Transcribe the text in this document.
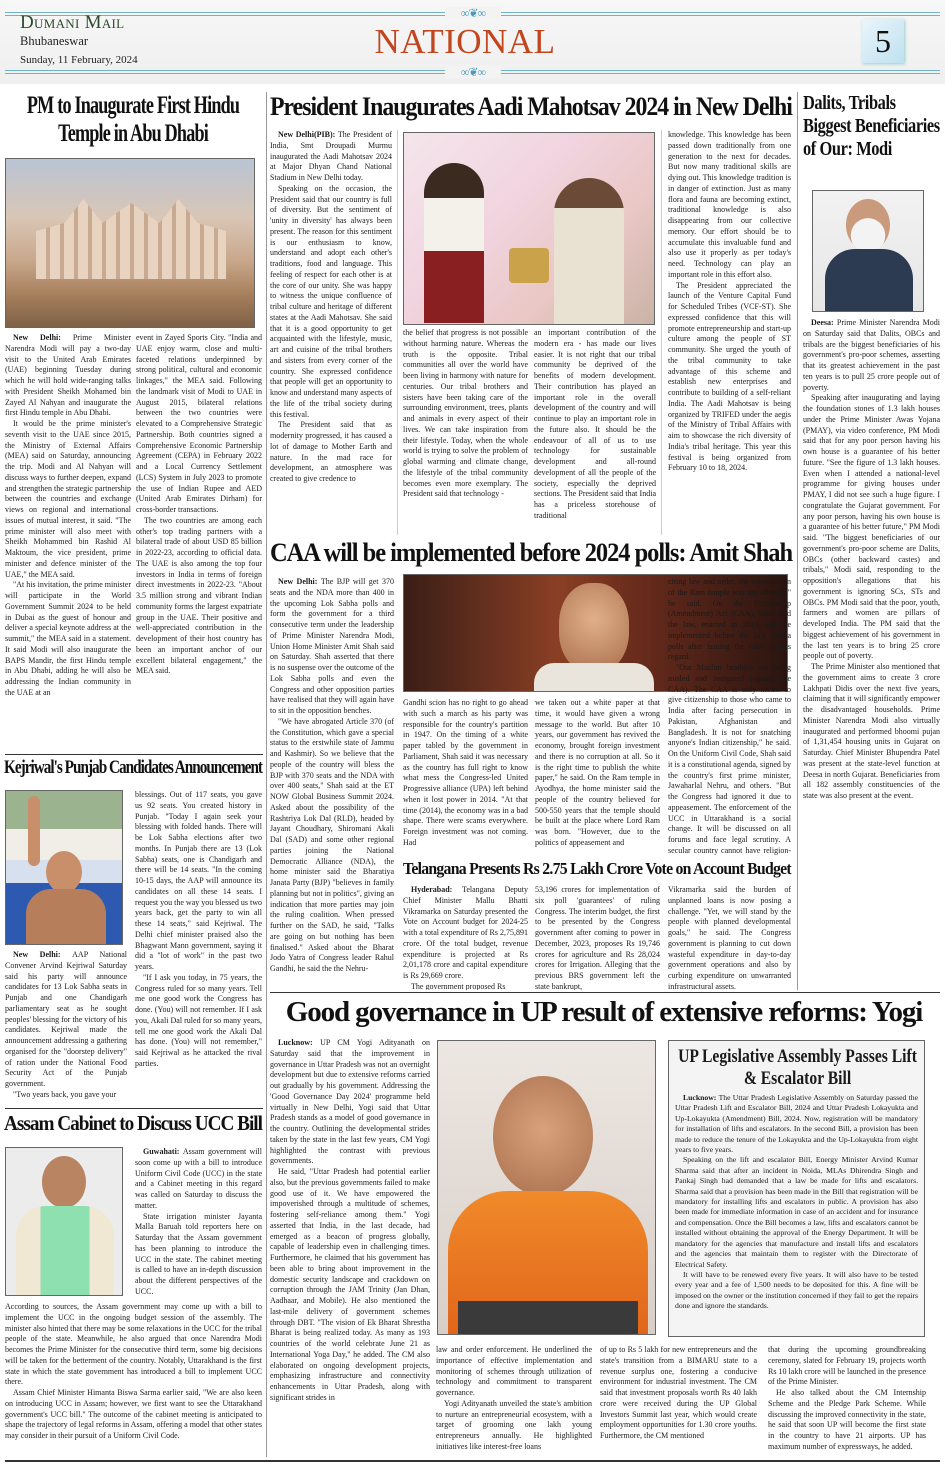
∞❦∞
∞❦∞
Dumani Mail
Bhubaneswar
Sunday, 11 February, 2024	NATIONAL	5
PM to Inaugurate First Hindu Temple in Abu Dhabi

New Delhi: Prime Minister Narendra Modi will pay a two-day visit to the United Arab Emirates (UAE) beginning Tuesday during which he will hold wide-ranging talks with President Sheikh Mohamed bin Zayed Al Nahyan and inaugurate the first Hindu temple in Abu Dhabi.

It would be the prime minister's seventh visit to the UAE since 2015, the Ministry of External Affairs (MEA) said on Saturday, announcing the trip. Modi and Al Nahyan will discuss ways to further deepen, expand and strengthen the strategic partnership between the countries and exchange views on regional and international issues of mutual interest, it said. "The prime minister will also meet with Sheikh Mohammed bin Rashid Al Maktoum, the vice president, prime minister and defence minister of the UAE," the MEA said.

"At his invitation, the prime minister will participate in the World Government Summit 2024 to be held in Dubai as the guest of honour and deliver a special keynote address at the summit," the MEA said in a statement. It said Modi will also inaugurate the BAPS Mandir, the first Hindu temple in Abu Dhabi, adding he will also be addressing the Indian community in the UAE at an

event in Zayed Sports City. "India and UAE enjoy warm, close and multi-faceted relations underpinned by strong political, cultural and economic linkages," the MEA said. Following the landmark visit of Modi to UAE in August 2015, bilateral relations between the two countries were elevated to a Comprehensive Strategic Partnership. Both countries signed a Comprehensive Economic Partnership Agreement (CEPA) in February 2022 and a Local Currency Settlement (LCS) System in July 2023 to promote the use of Indian Rupee and AED (United Arab Emirates Dirham) for cross-border transactions.

The two countries are among each other's top trading partners with a bilateral trade of about USD 85 billion in 2022-23, according to official data. The UAE is also among the top four investors in India in terms of foreign direct investments in 2022-23. "About 3.5 million strong and vibrant Indian community forms the largest expatriate group in the UAE. Their positive and well-appreciated contribution in the development of their host country has been an important anchor of our excellent bilateral engagement," the MEA said.

President Inaugurates Aadi Mahotsav 2024 in New Delhi

New Delhi(PIB): The President of India, Smt Droupadi Murmu inaugurated the Aadi Mahotsav 2024 at Major Dhyan Chand National Stadium in New Delhi today.

Speaking on the occasion, the President said that our country is full of diversity. But the sentiment of 'unity in diversity' has always been present. The reason for this sentiment is our enthusiasm to know, understand and adopt each other's traditions, food and language. This feeling of respect for each other is at the core of our unity. She was happy to witness the unique confluence of tribal culture and heritage of different states at the Aadi Mahotsav. She said that it is a good opportunity to get acquainted with the lifestyle, music, art and cuisine of the tribal brothers and sisters from every corner of the country. She expressed confidence that people will get an opportunity to know and understand many aspects of the life of the tribal society during this festival.

The President said that as modernity progressed, it has caused a lot of damage to Mother Earth and nature. In the mad race for development, an atmosphere was created to give credence to

the belief that progress is not possible without harming nature. Whereas the truth is the opposite. Tribal communities all over the world have been living in harmony with nature for centuries. Our tribal brothers and sisters have been taking care of the surrounding environment, trees, plants and animals in every aspect of their lives. We can take inspiration from their lifestyle. Today, when the whole world is trying to solve the problem of global warming and climate change, the lifestyle of the tribal community becomes even more exemplary. The President said that technology -

an important contribution of the modern era - has made our lives easier. It is not right that our tribal community be deprived of the benefits of modern development. Their contribution has played an important role in the overall development of the country and will continue to play an important role in the future also. It should be the endeavour of all of us to use technology for sustainable development and all-round development of all the people of the society, especially the deprived sections. The President said that India has a priceless storehouse of traditional

knowledge. This knowledge has been passed down traditionally from one generation to the next for decades. But now many traditional skills are dying out. This knowledge tradition is in danger of extinction. Just as many flora and fauna are becoming extinct, traditional knowledge is also disappearing from our collective memory. Our effort should be to accumulate this invaluable fund and also use it properly as per today's need. Technology can play an important role in this effort also.

The President appreciated the launch of the Venture Capital Fund for Scheduled Tribes (VCF-ST). She expressed confidence that this will promote entrepreneurship and start-up culture among the people of ST community. She urged the youth of the tribal community to take advantage of this scheme and establish new enterprises and contribute to building of a self-reliant India. The Aadi Mahotsav is being organized by TRIFED under the aegis of the Ministry of Tribal Affairs with aim to showcase the rich diversity of India's tribal heritage. This year this festival is being organized from February 10 to 18, 2024.

Dalits, Tribals Biggest Beneficiaries of Our: Modi

Deesa: Prime Minister Narendra Modi on Saturday said that Dalits, OBCs and tribals are the biggest beneficiaries of his government's pro-poor schemes, asserting that its greatest achievement in the past ten years is to pull 25 crore people out of poverty.

Speaking after inaugurating and laying the foundation stones of 1.3 lakh houses under the Prime Minister Awas Yojana (PMAY), via video conference, PM Modi said that for any poor person having his own house is a guarantee of his better future. "See the figure of 1.3 lakh houses. Even when I attended a national-level programme for giving houses under PMAY, I did not see such a huge figure. I congratulate the Gujarat government. For any poor person, having his own house is a guarantee of his better future," PM Modi said. "The biggest beneficiaries of our government's pro-poor scheme are Dalits, OBCs (other backward castes) and tribals," Modi said, responding to the opposition's allegations that his government is ignoring SCs, STs and OBCs. PM Modi said that the poor, youth, farmers and women are pillars of developed India. The PM said that the biggest achievement of his government in the last ten years is to bring 25 crore people out of poverty.

The Prime Minister also mentioned that the government aims to create 3 crore Lakhpati Didis over the next five years, claiming that it will significantly empower the disadvantaged households. Prime Minister Narendra Modi also virtually inaugurated and performed bhoomi pujan of 1,31,454 housing units in Gujarat on Saturday. Chief Minister Bhupendra Patel was present at the state-level function at Deesa in north Gujarat. Beneficiaries from all 182 assembly constituencies of the state was also present at the event.

CAA will be implemented before 2024 polls: Amit Shah

New Delhi: The BJP will get 370 seats and the NDA more than 400 in the upcoming Lok Sabha polls and form the government for a third consecutive term under the leadership of Prime Minister Narendra Modi, Union Home Minister Amit Shah said on Saturday. Shah asserted that there is no suspense over the outcome of the Lok Sabha polls and even the Congress and other opposition parties have realised that they will again have to sit in the opposition benches.

"We have abrogated Article 370 (of the Constitution, which gave a special status to the erstwhile state of Jammu and Kashmir). So we believe that the people of the country will bless the BJP with 370 seats and the NDA with over 400 seats," Shah said at the ET NOW Global Business Summit 2024. Asked about the possibility of the Rashtriya Lok Dal (RLD), headed by Jayant Choudhary, Shiromani Akali Dal (SAD) and some other regional parties joining the National Democratic Alliance (NDA), the home minister said the Bharatiya Janata Party (BJP) "believes in family planning but not in politics", giving an indication that more parties may join the ruling coalition. When pressed further on the SAD, he said, "Talks are going on but nothing has been finalised." Asked about the Bharat Jodo Yatra of Congress leader Rahul Gandhi, he said the the Nehru-

Gandhi scion has no right to go ahead with such a march as his party was responsible for the country's partition in 1947. On the timing of a white paper tabled by the government in Parliament, Shah said it was necessary as the country has full right to know what mess the Congress-led United Progressive alliance (UPA) left behind when it lost power in 2014. "At that time (2014), the economy was in a bad shape. There were scams everywhere. Foreign investment was not coming. Had

we taken out a white paper at that time, it would have given a wrong message to the world. But after 10 years, our government has revived the economy, brought foreign investment and there is no corruption at all. So it is the right time to publish the white paper," he said. On the Ram temple in Ayodhya, the home minister said the people of the country believed for 500-550 years that the temple should be built at the place where Lord Ram was born. "However, due to the politics of appeasement and

citing law and order, the construction of the Ram temple was not allowed," he said. On the Citizenship (Amendment) Act (CAA), Shah said the law, enacted in 2019, will be implemented before the Lok Sabha polls after issuing the rules in this regard.

"Our Muslim brothers are being misled and instigated (against the CAA). The CAA is only meant to give citizenship to those who came to India after facing persecution in Pakistan, Afghanistan and Bangladesh. It is not for snatching anyone's Indian citizenship," he said. On the Uniform Civil Code, Shah said it is a constitutional agenda, signed by the country's first prime minister, Jawaharlal Nehru, and others. "But the Congress had ignored it due to appeasement. The enforcement of the UCC in Uttarakhand is a social change. It will be discussed on all forums and face legal scrutiny. A secular country cannot have religion-

Telangana Presents Rs 2.75 Lakh Crore Vote on Account Budget

Hyderabad: Telangana Deputy Chief Minister Mallu Bhatti Vikramarka on Saturday presented the Vote on Account budget for 2024-25 with a total expenditure of Rs 2,75,891 crore. Of the total budget, revenue expenditure is projected at Rs 2,01,178 crore and capital expenditure is Rs 29,669 crore.

The government proposed Rs

53,196 crores for implementation of six poll 'guarantees' of ruling Congress. The interim budget, the first to be presented by the Congress government after coming to power in December, 2023, proposes Rs 19,746 crores for agriculture and Rs 28,024 crores for Irrigation. Alleging that the previous BRS government left the state bankrupt,

Vikramarka said the burden of unplanned loans is now posing a challenge. "Yet, we will stand by the people with planned developmental goals," he said. The Congress government is planning to cut down wasteful expenditure in day-to-day government operations and also by curbing expenditure on unwarranted infrastructural assets.

Kejriwal's Punjab Candidates Announcement

New Delhi: AAP National Convener Arvind Kejriwal Saturday said his party will announce candidates for 13 Lok Sabha seats in Punjab and one Chandigarh parliamentary seat as he sought peoples' blessing for the victory of his candidates. Kejriwal made the announcement addressing a gathering organised for the "doorstep delivery" of ration under the National Food Security Act of the Punjab government.

"Two years back, you gave your

blessings. Out of 117 seats, you gave us 92 seats. You created history in Punjab. "Today I again seek your blessing with folded hands. There will be Lok Sabha elections after two months. In Punjab there are 13 (Lok Sabha) seats, one is Chandigarh and there will be 14 seats. "In the coming 10-15 days, the AAP will announce its candidates on all these 14 seats. I request you the way you blessed us two years back, get the party to win all these 14 seats," said Kejriwal. The Delhi chief minister praised also the Bhagwant Mann government, saying it did a "lot of work" in the past two years.

"If I ask you today, in 75 years, the Congress ruled for so many years. Tell me one good work the Congress has done. (You) will not remember. If I ask you, Akali Dal ruled for so many years, tell me one good work the Akali Dal has done. (You) will not remember," said Kejriwal as he attacked the rival parties.

Assam Cabinet to Discuss UCC Bill

Guwahati: Assam government will soon come up with a bill to introduce Uniform Civil Code (UCC) in the state and a Cabinet meeting in this regard was called on Saturday to discuss the matter.

State irrigation minister Jayanta Malla Baruah told reporters here on Saturday that the Assam government has been planning to introduce the UCC in the state. The cabinet meeting is called to have an in-depth discussion about the different perspectives of the UCC.

According to sources, the Assam government may come up with a bill to implement the UCC in the ongoing budget session of the assembly. The minister also hinted that there may be some relaxations in the UCC for the tribal people of the state. Meanwhile, he also argued that once Narendra Modi becomes the Prime Minister for the consecutive third term, some big decisions will be taken for the betterment of the country. Notably, Uttarakhand is the first state in which the state government has introduced a bill to implement UCC there.

Assam Chief Minister Himanta Biswa Sarma earlier said, "We are also keen on introducing UCC in Assam; however, we first want to see the Uttarakhand government's UCC bill." The outcome of the cabinet meeting is anticipated to shape the trajectory of legal reforms in Assam, offering a model that other states may consider in their pursuit of a Uniform Civil Code.

Good governance in UP result of extensive reforms: Yogi

Lucknow: UP CM Yogi Adityanath on Saturday said that the improvement in governance in Uttar Pradesh was not an overnight development but due to extensive reforms carried out gradually by his government. Addressing the 'Good Governance Day 2024' programme held virtually in New Delhi, Yogi said that Uttar Pradesh stands as a model of good governance in the country. Outlining the developmental strides taken by the state in the last few years, CM Yogi highlighted the contrast with previous governments.

He said, "Uttar Pradesh had potential earlier also, but the previous governments failed to make good use of it. We have empowered the impoverished through a multitude of schemes, fostering self-reliance among them." Yogi asserted that India, in the last decade, had emerged as a beacon of progress globally, capable of leadership even in challenging times. Furthermore, he claimed that his government has been able to bring about improvement in the domestic security landscape and crackdown on corruption through the JAM Trinity (Jan Dhan, Aadhaar, and Mobile). He also mentioned the last-mile delivery of government schemes through DBT. "The vision of Ek Bharat Shrestha Bharat is being realized today. As many as 193 countries of the world celebrate June 21 as International Yoga Day," he added. The CM also elaborated on ongoing development projects, emphasizing infrastructure and connectivity enhancements in Uttar Pradesh, along with significant strides in

law and order enforcement. He underlined the importance of effective implementation and monitoring of schemes through utilization of technology and commitment to transparent governance.

Yogi Adityanath unveiled the state's ambition to nurture an entrepreneurial ecosystem, with a target of grooming one lakh young entrepreneurs annually. He highlighted initiatives like interest-free loans

of up to Rs 5 lakh for new entrepreneurs and the state's transition from a BIMARU state to a revenue surplus one, fostering a conducive environment for industrial investment. The CM said that investment proposals worth Rs 40 lakh crore were received during the UP Global Investors Summit last year, which would create employment opportunities for 1.30 crore youths. Furthermore, the CM mentioned

that during the upcoming groundbreaking ceremony, slated for February 19, projects worth Rs 10 lakh crore will be launched in the presence of the Prime Minister.

He also talked about the CM Internship Scheme and the Pledge Park Scheme. While discussing the improved connectivity in the state, he said that soon UP will become the first state in the country to have 21 airports. UP has maximum number of expressways, he added.

UP Legislative Assembly Passes Lift & Escalator Bill

Lucknow: The Uttar Pradesh Legislative Assembly on Saturday passed the Uttar Pradesh Lift and Escalator Bill, 2024 and Uttar Pradesh Lokayukta and Up-Lokayukta (Amendment) Bill, 2024. Now, registration will be mandatory for installation of lifts and escalators. In the second Bill, a provision has been made to reduce the tenure of the Lokayukta and the Up-Lokayukta from eight years to five years.

Speaking on the lift and escalator Bill, Energy Minister Arvind Kumar Sharma said that after an incident in Noida, MLAs Dhirendra Singh and Pankaj Singh had demanded that a law be made for lifts and escalators. Sharma said that a provision has been made in the Bill that registration will be mandatory for installing lifts and escalators in public. A provision has also been made for immediate information in case of an accident and for insurance and compensation. Once the Bill becomes a law, lifts and escalators cannot be installed without obtaining the approval of the Energy Department. It will be mandatory for the agencies that manufacture and install lifts and escalators and the agencies that maintain them to register with the Directorate of Electrical Safety.

It will have to be renewed every five years. It will also have to be tested every year and a fee of 1,500 needs to be deposited for this. A fine will be imposed on the owner or the institution concerned if they fail to get the repairs done and ignore the standards.
